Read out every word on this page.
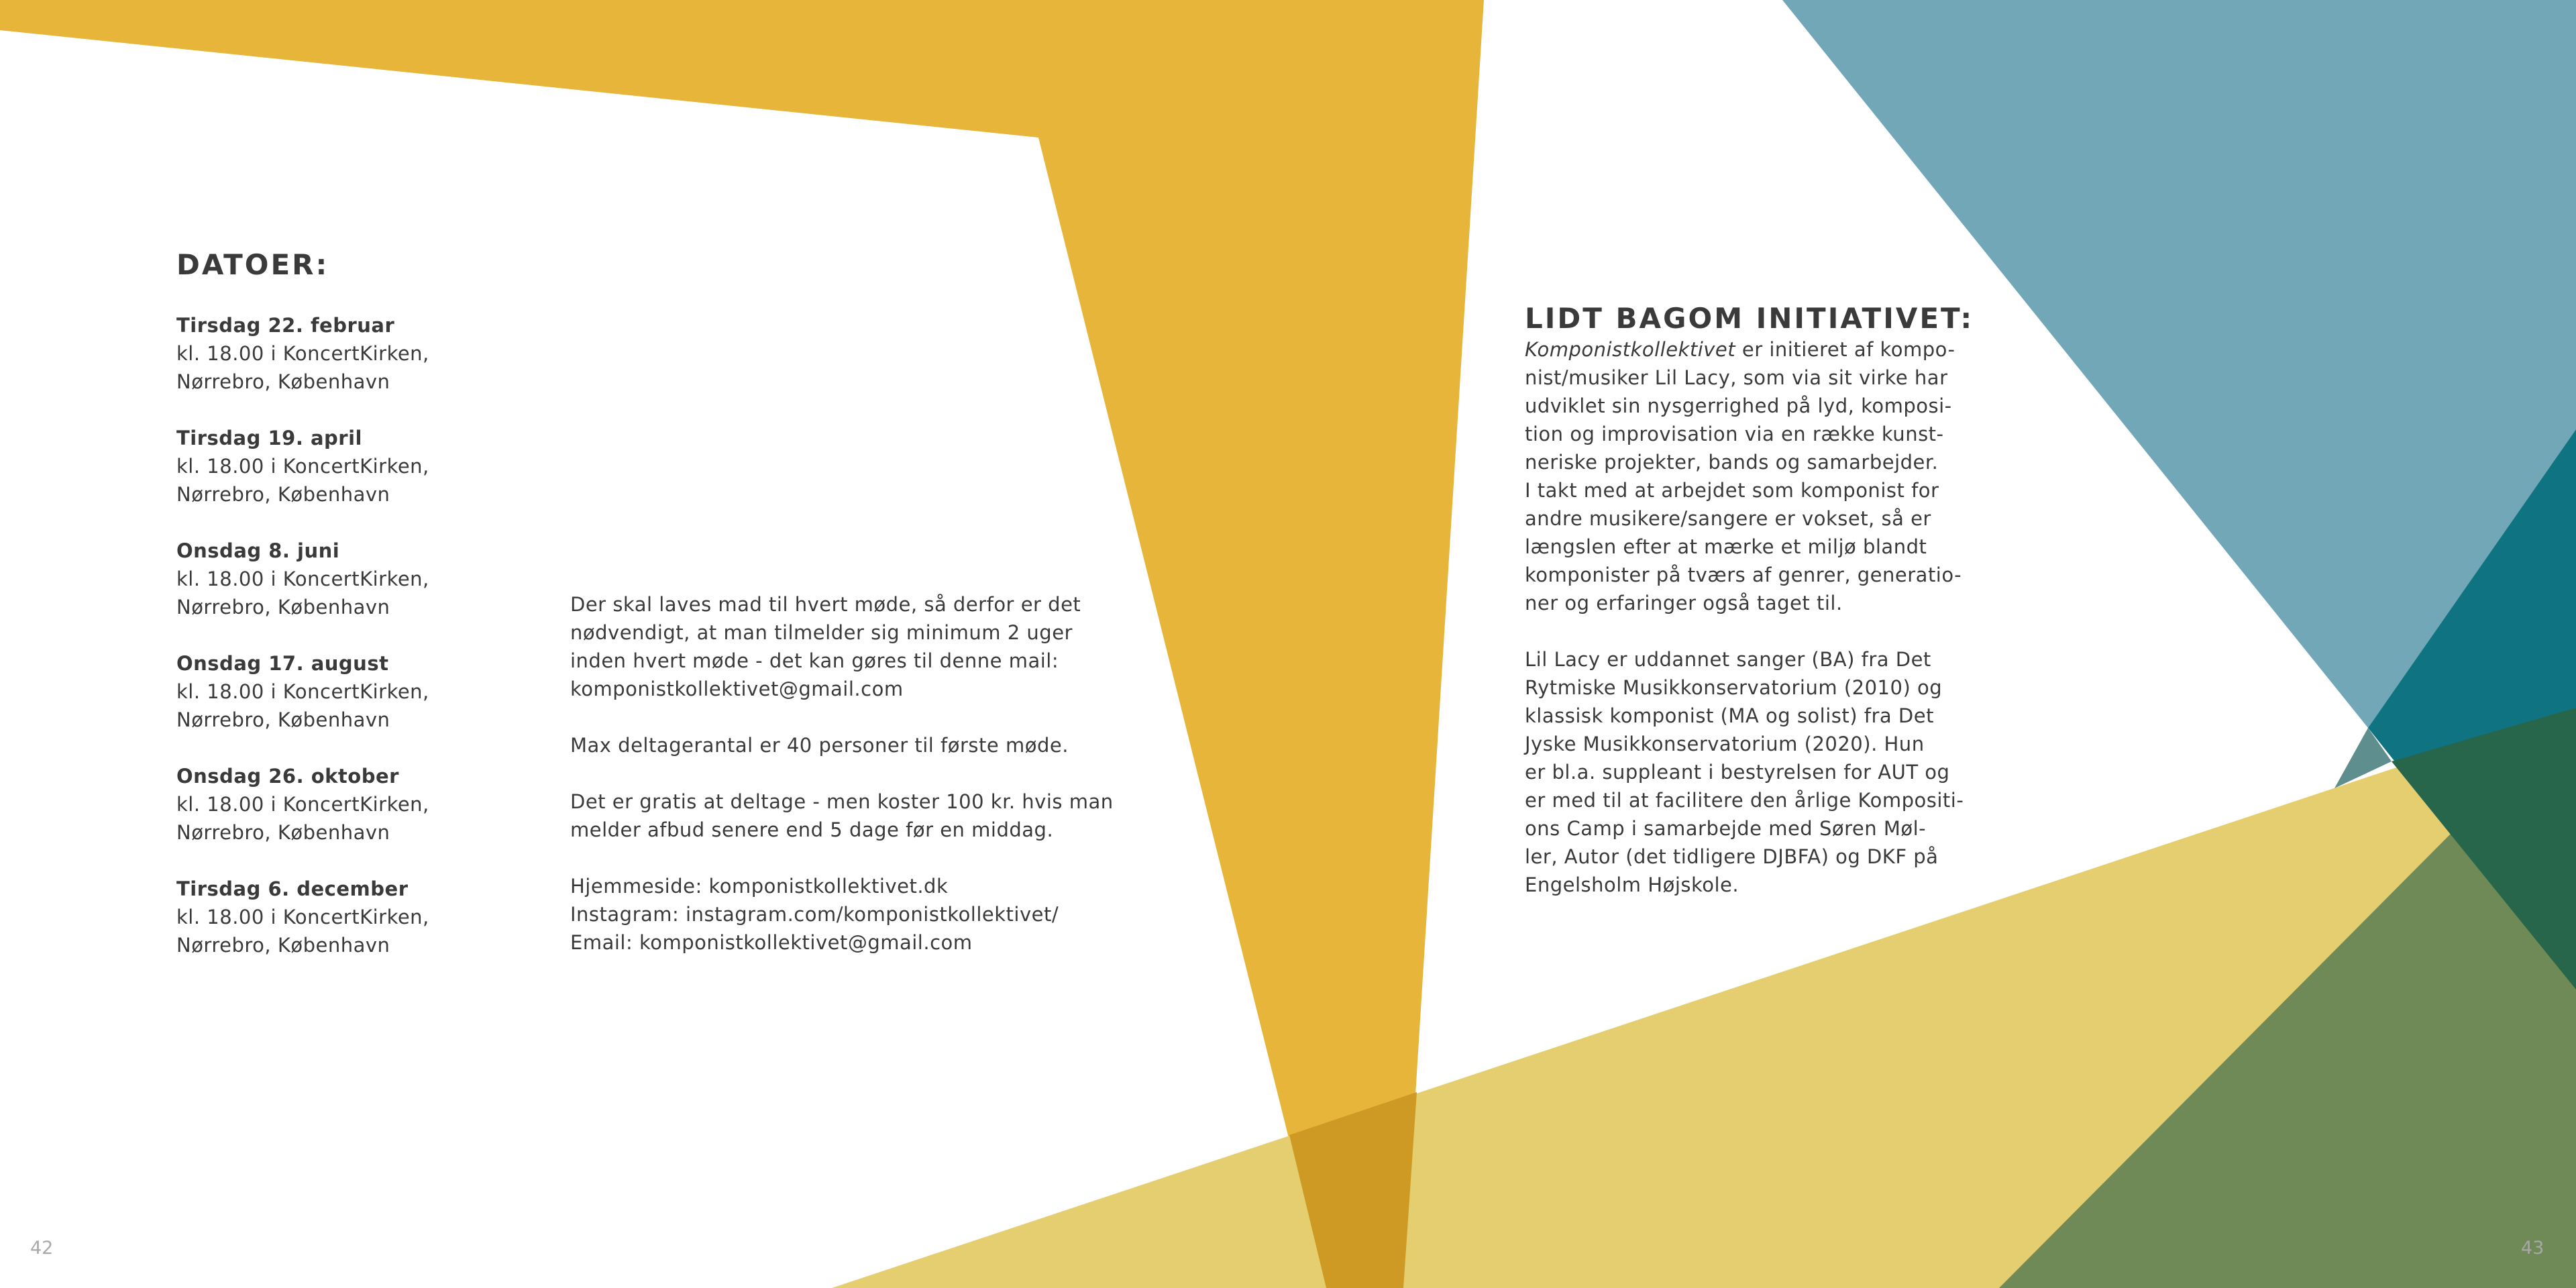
DATOER:
Tirsdag 22. februar
kl. 18.00 i KoncertKirken,
Nørrebro, København
Tirsdag 19. april
kl. 18.00 i KoncertKirken,
Nørrebro, København
Onsdag 8. juni
kl. 18.00 i KoncertKirken,
Nørrebro, København
Onsdag 17. august
kl. 18.00 i KoncertKirken,
Nørrebro, København
Onsdag 26. oktober
kl. 18.00 i KoncertKirken,
Nørrebro, København
Tirsdag 6. december
kl. 18.00 i KoncertKirken,
Nørrebro, København

Der skal laves mad til hvert møde, så derfor er det
nødvendigt, at man tilmelder sig minimum 2 uger
inden hvert møde - det kan gøres til denne mail:
komponistkollektivet@gmail.com

Max deltagerantal er 40 personer til første møde.

Det er gratis at deltage - men koster 100 kr. hvis man
melder afbud senere end 5 dage før en middag.

Hjemmeside: komponistkollektivet.dk
Instagram: instagram.com/komponistkollektivet/
Email: komponistkollektivet@gmail.com

42
LIDT BAGOM INITIATIVET:

Komponistkollektivet er initieret af kompo-
nist/musiker Lil Lacy, som via sit virke har
udviklet sin nysgerrighed på lyd, komposi-
tion og improvisation via en række kunst-
neriske projekter, bands og samarbejder.
I takt med at arbejdet som komponist for
andre musikere/sangere er vokset, så er
længslen efter at mærke et miljø blandt
komponister på tværs af genrer, generatio-
ner og erfaringer også taget til.

Lil Lacy er uddannet sanger (BA) fra Det
Rytmiske Musikkonservatorium (2010) og
klassisk komponist (MA og solist) fra Det
Jyske Musikkonservatorium (2020). Hun
er bl.a. suppleant i bestyrelsen for AUT og
er med til at facilitere den årlige Kompositi-
ons Camp i samarbejde med Søren Møl-
ler, Autor (det tidligere DJBFA) og DKF på
Engelsholm Højskole.

43
